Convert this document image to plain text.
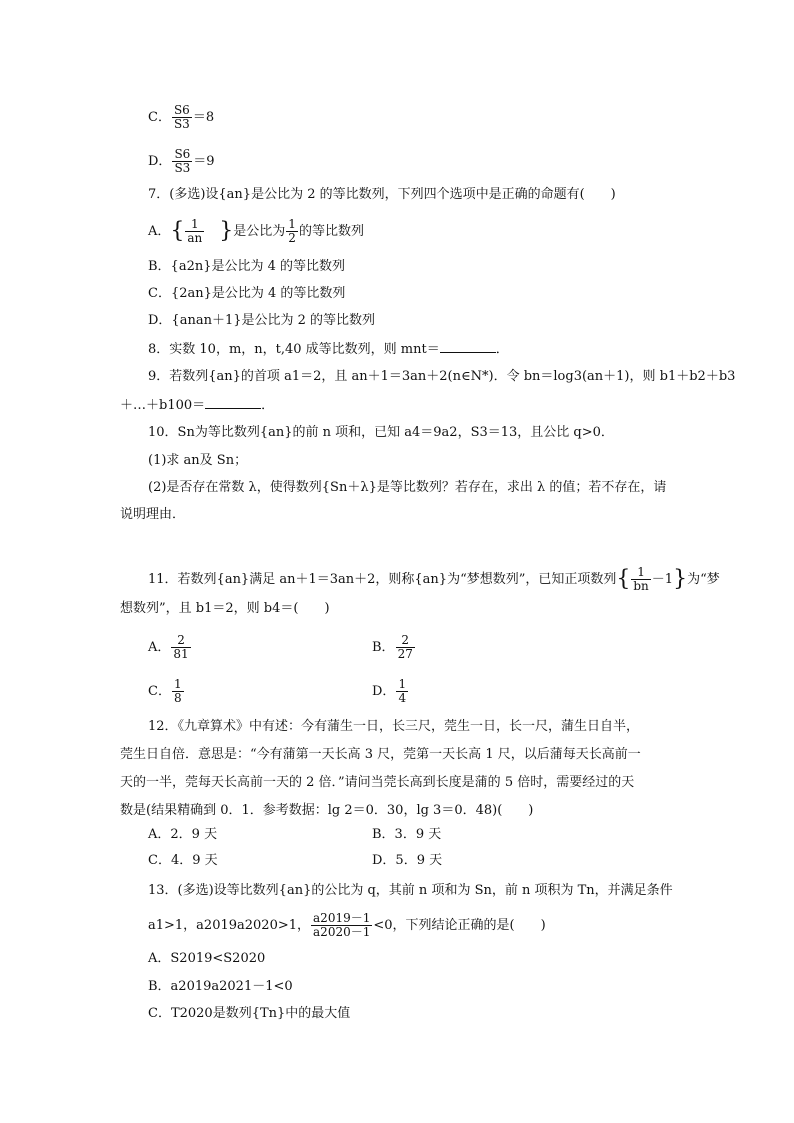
C． $\frac{S6}{S3} =8$
D． $\frac{S6}{S3} =9$
7．(多选)设{an}是公比为 2 的等比数列，下列四个选项中是正确的命题有(　　)
A．{ $\frac{1}{an}$ }是公比为 $\frac{1}{2}$ 的等比数列
B．{a2n}是公比为 4 的等比数列
C．{2an}是公比为 4 的等比数列
D．{anan＋1}是公比为 2 的等比数列
8．实数 10，m，n，t,40 成等比数列，则 mnt＝	．
9．若数列{an}的首项 a1＝2，且 an＋1＝3an＋2(n∈N*)．令 bn＝log3(an＋1)，则 b1＋b2＋b3
＋…＋b100＝	．
10．Sn为等比数列{an}的前 n 项和，已知 a4＝9a2，S3＝13，且公比 q>0．
(1)求 an及 Sn；
(2)是否存在常数 λ，使得数列{Sn＋λ}是等比数列？若存在，求出 λ 的值；若不存在，请
说明理由．
11．若数列{an}满足 an＋1＝3an＋2，则称{an}为“梦想数列”，已知正项数列{ $\frac{1}{bn} -1$}为“梦
想数列”，且 b1＝2，则 b4＝(　　)
A． $\frac{2}{81}$	B． $\frac{2}{27}$
C． $\frac{1}{8}$	D． $\frac{1}{4}$
12．《九章算术》中有述：今有蒲生一日，长三尺，莞生一日，长一尺，蒲生日自半，
莞生日自倍．意思是：“今有蒲第一天长高 3 尺，莞第一天长高 1 尺，以后蒲每天长高前一
天的一半，莞每天长高前一天的 2 倍．”请问当莞长高到长度是蒲的 5 倍时，需要经过的天
数是(结果精确到 0．1．参考数据：lg 2＝0．30，lg 3＝0．48)(　　)
A．2．9 天	B．3．9 天
C．4．9 天	D．5．9 天
13．(多选)设等比数列{an}的公比为 q，其前 n 项和为 Sn，前 n 项积为 Tn，并满足条件
a1>1，a2019a2020>1， $\frac{a2019-1}{a2020-1} <0$，下列结论正确的是(　　)
A．S2019<S2020
B．a2019a2021－1<0
C．T2020是数列{Tn}中的最大值
